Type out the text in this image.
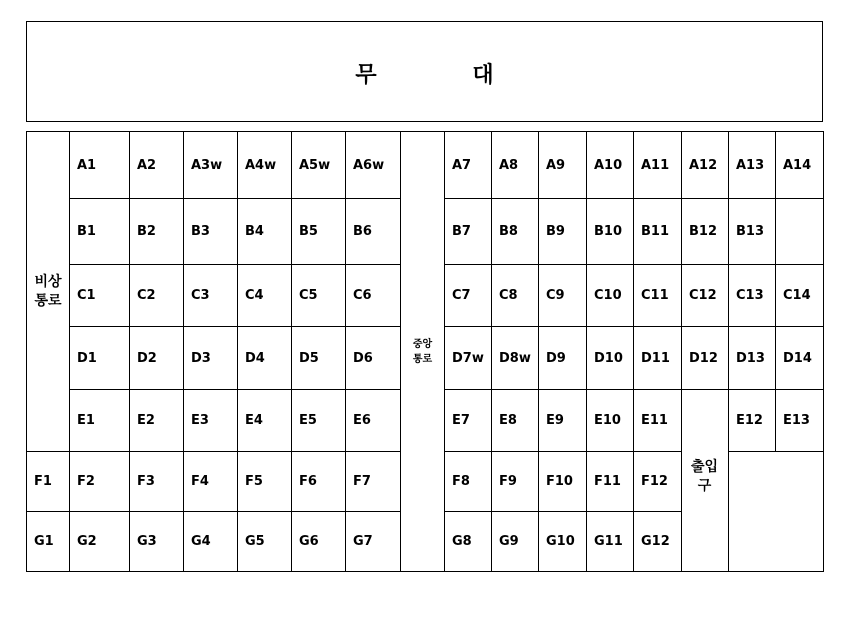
무 대
비상
통로
중앙
통로
A1	A2	A3w	A4w	A5w	A6w	A7	A8	A9	A10	A11	A12	A13	A14
B1	B2	B3	B4	B5	B6	B7	B8	B9	B10	B11	B12	B13
C1	C2	C3	C4	C5	C6	C7	C8	C9	C10	C11	C12	C13	C14
D1	D2	D3	D4	D5	D6	D7w	D8w	D9	D10	D11	D12	D13	D14
E1	E2	E3	E4	E5	E6	E7	E8	E9	E10	E11	E12	E13
F1	F2	F3	F4	F5	F6	F7	F8	F9	F10	F11	F12
G1	G2	G3	G4	G5	G6	G7	G8	G9	G10	G11	G12
출입
구
